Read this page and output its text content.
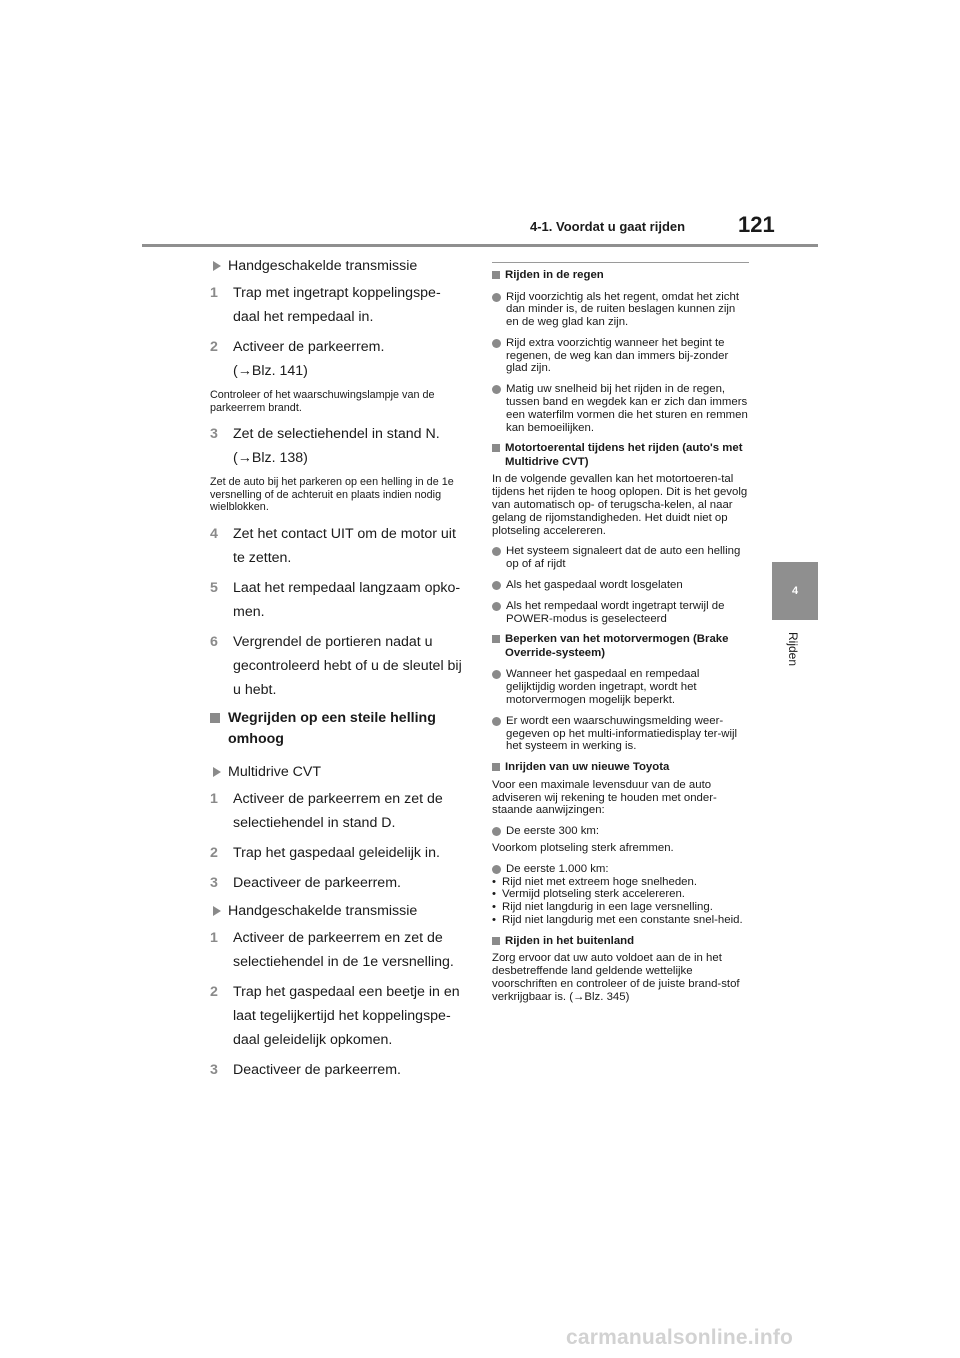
4-1. Voordat u gaat rijden 121
4
Rijden
Handgeschakelde transmissie
1 Trap met ingetrapt koppelingspe-daal het rempedaal in.
2 Activeer de parkeerrem.
(→Blz. 141)
Controleer of het waarschuwingslampje van de parkeerrem brandt.
3 Zet de selectiehendel in stand N.
(→Blz. 138)
Zet de auto bij het parkeren op een helling in de 1e versnelling of de achteruit en plaats indien nodig wielblokken.
4 Zet het contact UIT om de motor uit te zetten.
5 Laat het rempedaal langzaam opko-men.
6 Vergrendel de portieren nadat u gecontroleerd hebt of u de sleutel bij u hebt.
Wegrijden op een steile helling omhoog
Multidrive CVT
1 Activeer de parkeerrem en zet de selectiehendel in stand D.
2 Trap het gaspedaal geleidelijk in.
3 Deactiveer de parkeerrem.
Handgeschakelde transmissie
1 Activeer de parkeerrem en zet de selectiehendel in de 1e versnelling.
2 Trap het gaspedaal een beetje in en laat tegelijkertijd het koppelingspe-daal geleidelijk opkomen.
3 Deactiveer de parkeerrem.
Rijden in de regen
Rijd voorzichtig als het regent, omdat het zicht dan minder is, de ruiten beslagen kunnen zijn en de weg glad kan zijn.
Rijd extra voorzichtig wanneer het begint te regenen, de weg kan dan immers bij-zonder glad zijn.
Matig uw snelheid bij het rijden in de regen, tussen band en wegdek kan er zich dan immers een waterfilm vormen die het sturen en remmen kan bemoeilijken.
Motortoerental tijdens het rijden (auto's met Multidrive CVT)
In de volgende gevallen kan het motortoeren-tal tijdens het rijden te hoog oplopen. Dit is het gevolg van automatisch op- of terugscha-kelen, al naar gelang de rijomstandigheden. Het duidt niet op plotseling accelereren.
Het systeem signaleert dat de auto een helling op of af rijdt
Als het gaspedaal wordt losgelaten
Als het rempedaal wordt ingetrapt terwijl de POWER-modus is geselecteerd
Beperken van het motorvermogen (Brake Override-systeem)
Wanneer het gaspedaal en rempedaal gelijktijdig worden ingetrapt, wordt het motorvermogen mogelijk beperkt.
Er wordt een waarschuwingsmelding weer-gegeven op het multi-informatiedisplay ter-wijl het systeem in werking is.
Inrijden van uw nieuwe Toyota
Voor een maximale levensduur van de auto adviseren wij rekening te houden met onder-staande aanwijzingen:
De eerste 300 km:
Voorkom plotseling sterk afremmen.
De eerste 1.000 km:
• Rijd niet met extreem hoge snelheden.
• Vermijd plotseling sterk accelereren.
• Rijd niet langdurig in een lage versnelling.
• Rijd niet langdurig met een constante snel-heid.
Rijden in het buitenland
Zorg ervoor dat uw auto voldoet aan de in het desbetreffende land geldende wettelijke voorschriften en controleer of de juiste brand-stof verkrijgbaar is. (→Blz. 345)
carmanualsonline.info
